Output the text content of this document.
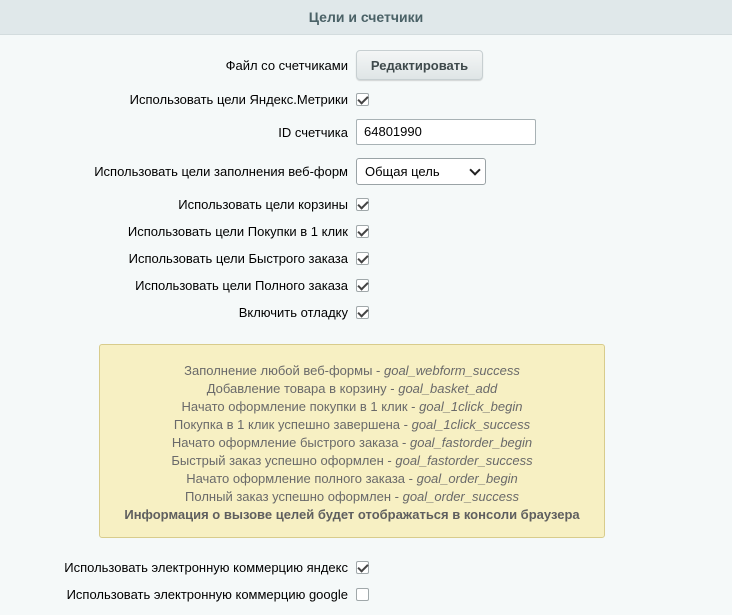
Цели и счетчики
Файл со счетчиками	Редактировать
Использовать цели Яндекс.Метрики
ID счетчика	64801990
Использовать цели заполнения веб-форм	Общая цель
Использовать цели корзины
Использовать цели Покупки в 1 клик
Использовать цели Быстрого заказа
Использовать цели Полного заказа
Включить отладку
Заполнение любой веб-формы - goal_webform_success
Добавление товара в корзину - goal_basket_add
Начато оформление покупки в 1 клик - goal_1click_begin
Покупка в 1 клик успешно завершена - goal_1click_success
Начато оформление быстрого заказа - goal_fastorder_begin
Быстрый заказ успешно оформлен - goal_fastorder_success
Начато оформление полного заказа - goal_order_begin
Полный заказ успешно оформлен - goal_order_success
Информация о вызове целей будет отображаться в консоли браузера
Использовать электронную коммерцию яндекс
Использовать электронную коммерцию google
